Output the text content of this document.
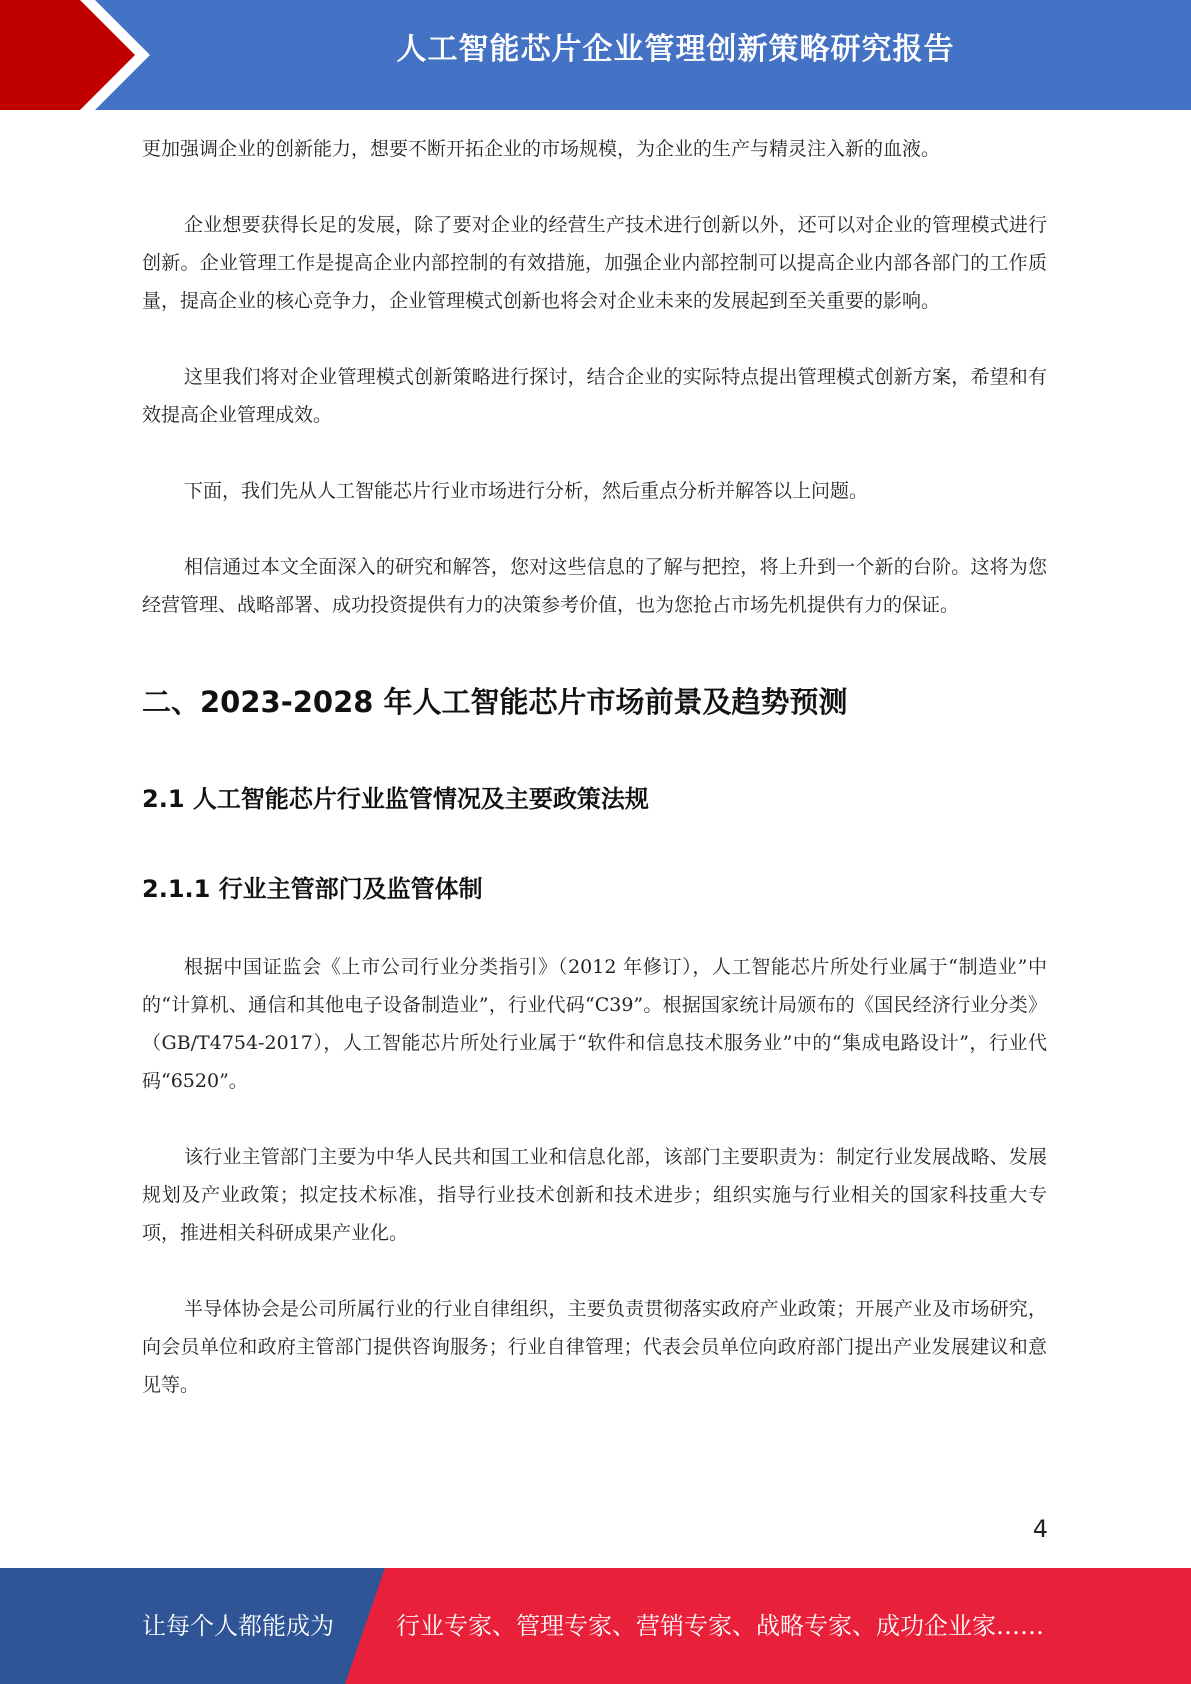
人工智能芯片企业管理创新策略研究报告

更加强调企业的创新能力，想要不断开拓企业的市场规模，为企业的生产与精灵注入新的血液。

企业想要获得长足的发展，除了要对企业的经营生产技术进行创新以外，还可以对企业的管理模式进行创新。企业管理工作是提高企业内部控制的有效措施，加强企业内部控制可以提高企业内部各部门的工作质量，提高企业的核心竞争力，企业管理模式创新也将会对企业未来的发展起到至关重要的影响。

这里我们将对企业管理模式创新策略进行探讨，结合企业的实际特点提出管理模式创新方案，希望和有效提高企业管理成效。

下面，我们先从人工智能芯片行业市场进行分析，然后重点分析并解答以上问题。

相信通过本文全面深入的研究和解答，您对这些信息的了解与把控，将上升到一个新的台阶。这将为您经营管理、战略部署、成功投资提供有力的决策参考价值，也为您抢占市场先机提供有力的保证。

二、2023-2028 年人工智能芯片市场前景及趋势预测
2.1 人工智能芯片行业监管情况及主要政策法规
2.1.1 行业主管部门及监管体制

根据中国证监会《上市公司行业分类指引》（2012 年修订），人工智能芯片所处行业属于“制造业”中的“计算机、通信和其他电子设备制造业”，行业代码“C39”。根据国家统计局颁布的《国民经济行业分类》（GB/T4754-2017），人工智能芯片所处行业属于“软件和信息技术服务业”中的“集成电路设计”，行业代码“6520”。

该行业主管部门主要为中华人民共和国工业和信息化部，该部门主要职责为：制定行业发展战略、发展规划及产业政策；拟定技术标准，指导行业技术创新和技术进步；组织实施与行业相关的国家科技重大专项，推进相关科研成果产业化。

半导体协会是公司所属行业的行业自律组织，主要负责贯彻落实政府产业政策；开展产业及市场研究，向会员单位和政府主管部门提供咨询服务；行业自律管理；代表会员单位向政府部门提出产业发展建议和意见等。

4
让每个人都能成为	行业专家、管理专家、营销专家、战略专家、成功企业家……
